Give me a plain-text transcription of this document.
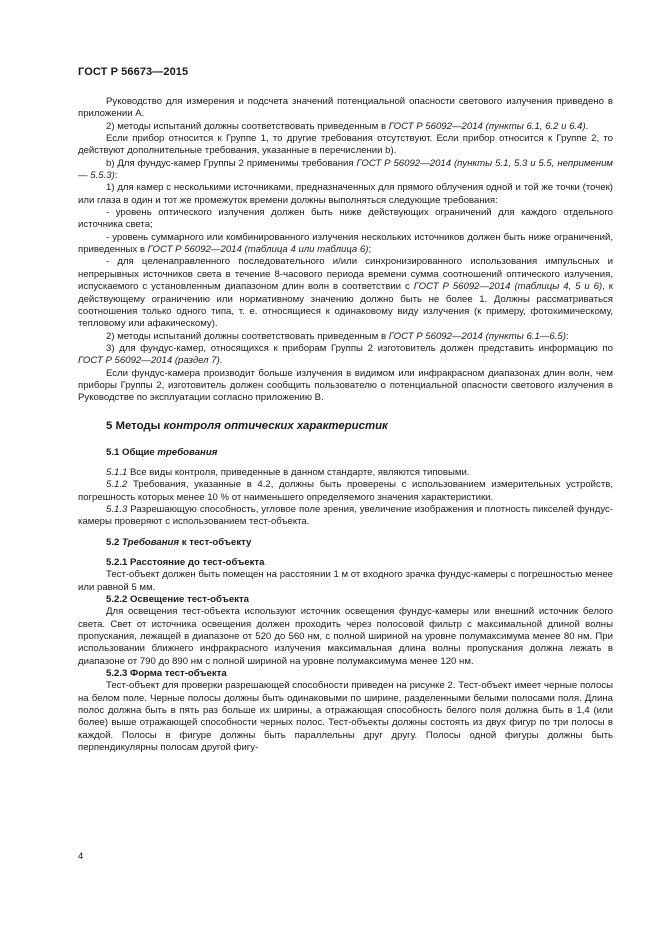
ГОСТ Р 56673—2015

Руководство для измерения и подсчета значений потенциальной опасности светового излучения приведено в приложении А.

2) методы испытаний должны соответствовать приведенным в ГОСТ Р 56092—2014 (пункты 6.1, 6.2 и 6.4).

Если прибор относится к Группе 1, то другие требования отсутствуют. Если прибор относится к Группе 2, то действуют дополнительные требования, указанные в перечислении b).

b) Для фундус-камер Группы 2 применимы требования ГОСТ Р 56092—2014 (пункты 5.1, 5.3 и 5.5, неприменим — 5.5.3):

1) для камер с несколькими источниками, предназначенных для прямого облучения одной и той же точки (точек) или глаза в один и тот же промежуток времени должны выполняться следующие требования:

- уровень оптического излучения должен быть ниже действующих ограничений для каждого отдельного источника света;

- уровень суммарного или комбинированного излучения нескольких источников должен быть ниже ограничений, приведенных в ГОСТ Р 56092—2014 (таблица 4 или таблица 6);

- для целенаправленного последовательного и/или синхронизированного использования импульсных и непрерывных источников света в течение 8-часового периода времени сумма соотношений оптического излучения, испускаемого с установленным диапазоном длин волн в соответствии с ГОСТ Р 56092—2014 (таблицы 4, 5 и 6), к действующему ограничению или нормативному значению должно быть не более 1. Должны рассматриваться соотношения только одного типа, т. е. относящиеся к одинаковому виду излучения (к примеру, фотохимическому, тепловому или афакическому).

2) методы испытаний должны соответствовать приведенным в ГОСТ Р 56092—2014 (пункты 6.1—6.5):

3) для фундус-камер, относящихся к приборам Группы 2 изготовитель должен представить информацию по ГОСТ Р 56092—2014 (раздел 7).

Если фундус-камера производит больше излучения в видимом или инфракрасном диапазонах длин волн, чем приборы Группы 2, изготовитель должен сообщить пользователю о потенциальной опасности светового излучения в Руководстве по эксплуатации согласно приложению В.

5 Методы контроля оптических характеристик

5.1 Общие требования

5.1.1 Все виды контроля, приведенные в данном стандарте, являются типовыми.

5.1.2 Требования, указанные в 4.2, должны быть проверены с использованием измерительных устройств, погрешность которых менее 10 % от наименьшего определяемого значения характеристики.

5.1.3 Разрешающую способность, угловое поле зрения, увеличение изображения и плотность пикселей фундус-камеры проверяют с использованием тест-объекта.

5.2 Требования к тест-объекту

5.2.1 Расстояние до тест-объекта

Тест-объект должен быть помещен на расстоянии 1 м от входного зрачка фундус-камеры с погрешностью менее или равной 5 мм.

5.2.2 Освещение тест-объекта

Для освещения тест-объекта используют источник освещения фундус-камеры или внешний источник белого света. Свет от источника освещения должен проходить через полосовой фильтр с максимальной длиной волны пропускания, лежащей в диапазоне от 520 до 560 нм, с полной шириной на уровне полумаксимума менее 80 нм. При использовании ближнего инфракрасного излучения максимальная длина волны пропускания должна лежать в диапазоне от 790 до 890 нм с полной шириной на уровне полумаксимума менее 120 нм.

5.2.3 Форма тест-объекта

Тест-объект для проверки разрешающей способности приведен на рисунке 2. Тест-объект имеет черные полосы на белом поле. Черные полосы должны быть одинаковыми по ширине, разделенными белыми полосами поля. Длина полос должна быть в пять раз больше их ширины, а отражающая способность белого поля должна быть в 1,4 (или более) выше отражающей способности черных полос. Тест-объекты должны состоять из двух фигур по три полосы в каждой. Полосы в фигуре должны быть параллельны друг другу. Полосы одной фигуры должны быть перпендикулярны полосам другой фигу-

4
